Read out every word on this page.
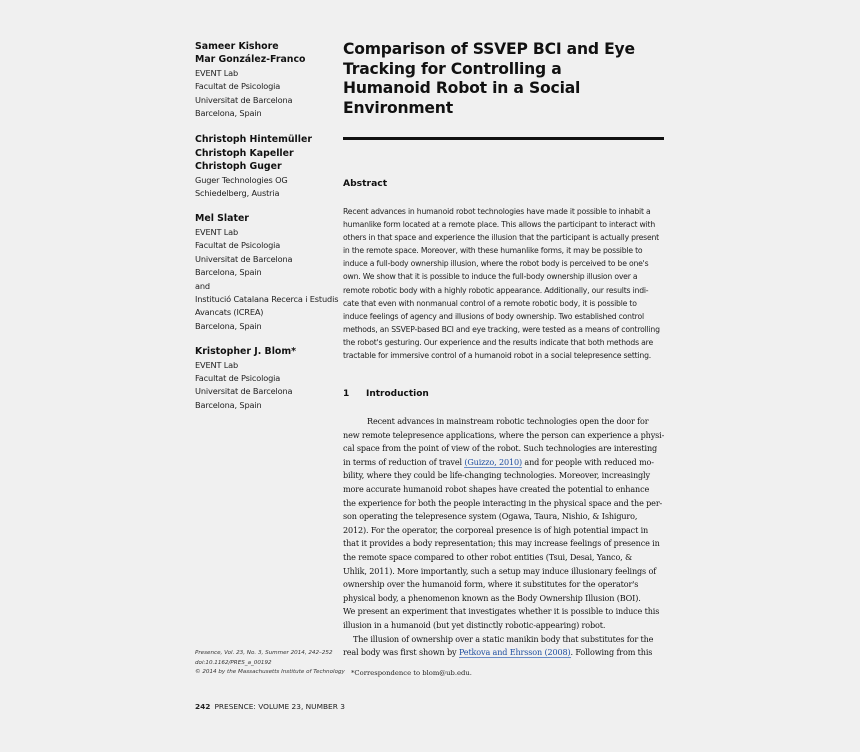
Sameer Kishore
Mar González-Franco
EVENT Lab
Facultat de Psicologia
Universitat de Barcelona
Barcelona, Spain
Christoph Hintemüller
Christoph Kapeller
Christoph Guger
Guger Technologies OG
Schiedelberg, Austria
Mel Slater
EVENT Lab
Facultat de Psicologia
Universitat de Barcelona
Barcelona, Spain
and
Institució Catalana Recerca i Estudis
Avancats (ICREA)
Barcelona, Spain
Kristopher J. Blom*
EVENT Lab
Facultat de Psicologia
Universitat de Barcelona
Barcelona, Spain
Comparison of SSVEP BCI and Eye
Tracking for Controlling a
Humanoid Robot in a Social
Environment
Abstract
Recent advances in humanoid robot technologies have made it possible to inhabit a
humanlike form located at a remote place. This allows the participant to interact with
others in that space and experience the illusion that the participant is actually present
in the remote space. Moreover, with these humanlike forms, it may be possible to
induce a full-body ownership illusion, where the robot body is perceived to be one's
own. We show that it is possible to induce the full-body ownership illusion over a
remote robotic body with a highly robotic appearance. Additionally, our results indi-
cate that even with nonmanual control of a remote robotic body, it is possible to
induce feelings of agency and illusions of body ownership. Two established control
methods, an SSVEP-based BCI and eye tracking, were tested as a means of controlling
the robot's gesturing. Our experience and the results indicate that both methods are
tractable for immersive control of a humanoid robot in a social telepresence setting.
1 Introduction
Recent advances in mainstream robotic technologies open the door for
new remote telepresence applications, where the person can experience a physi-
cal space from the point of view of the robot. Such technologies are interesting
in terms of reduction of travel (Guizzo, 2010) and for people with reduced mo-
bility, where they could be life-changing technologies. Moreover, increasingly
more accurate humanoid robot shapes have created the potential to enhance
the experience for both the people interacting in the physical space and the per-
son operating the telepresence system (Ogawa, Taura, Nishio, & Ishiguro,
2012). For the operator, the corporeal presence is of high potential impact in
that it provides a body representation; this may increase feelings of presence in
the remote space compared to other robot entities (Tsui, Desai, Yanco, &
Uhlik, 2011). More importantly, such a setup may induce illusionary feelings of
ownership over the humanoid form, where it substitutes for the operator's
physical body, a phenomenon known as the Body Ownership Illusion (BOI).
We present an experiment that investigates whether it is possible to induce this
illusion in a humanoid (but yet distinctly robotic-appearing) robot.
The illusion of ownership over a static manikin body that substitutes for the
real body was first shown by Petkova and Ehrsson (2008). Following from this
Presence, Vol. 23, No. 3, Summer 2014, 242–252
doi:10.1162/PRES_a_00192
© 2014 by the Massachusetts Institute of Technology *Correspondence to blom@ub.edu.
242 PRESENCE: VOLUME 23, NUMBER 3
